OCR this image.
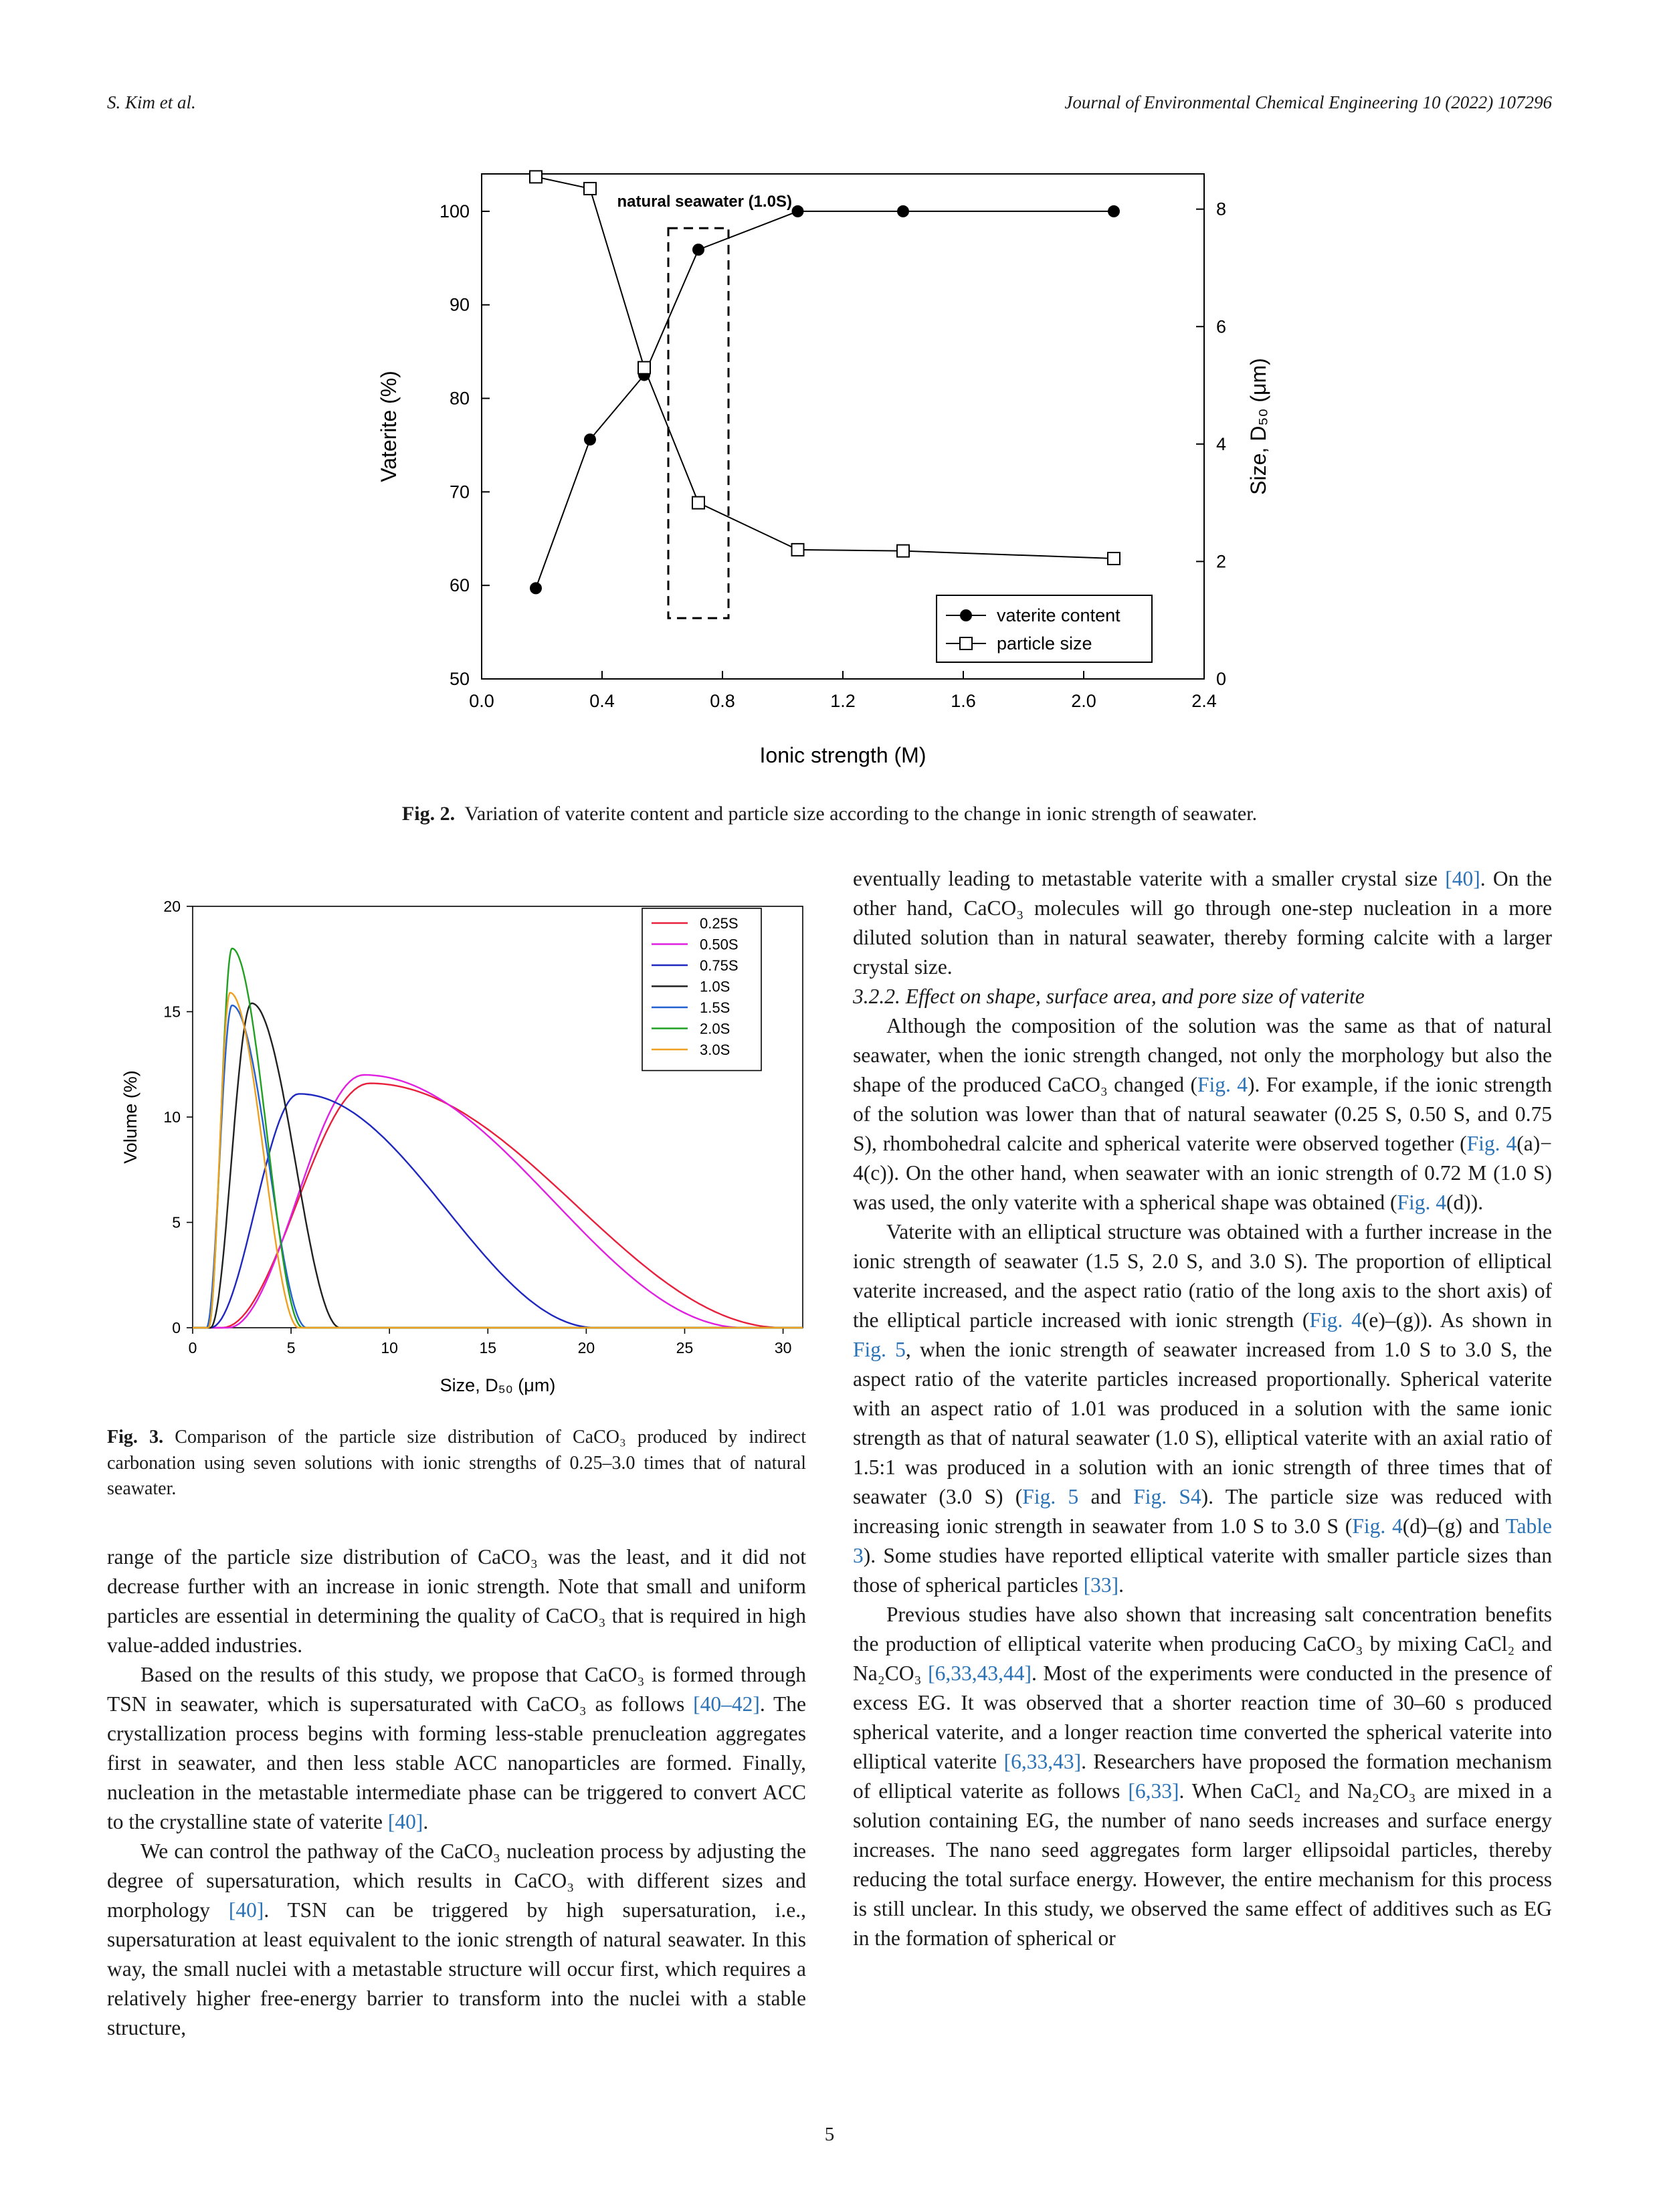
S. Kim et al.	Journal of Environmental Chemical Engineering 10 (2022) 107296
0.0	0.4	0.8	1.2	1.6	2.0	2.4
50
60
70
80
90
100
0
2
4
6
8
Ionic strength (M)
Vaterite (%)	Size, D₅₀ (μm)
natural seawater (1.0S)
vaterite content
particle size
Fig. 2. Variation of vaterite content and particle size according to the change in ionic strength of seawater.
0	5	10	15	20	25	30
0
5
10
15
20
Size, D₅₀ (μm)
Volume (%)
0.25S
0.50S
0.75S
1.0S
1.5S
2.0S
3.0S
Fig. 3. Comparison of the particle size distribution of CaCO₃ produced by indirect carbonation using seven solutions with ionic strengths of 0.25–3.0 times that of natural seawater.

range of the particle size distribution of CaCO₃ was the least, and it did not decrease further with an increase in ionic strength. Note that small and uniform particles are essential in determining the quality of CaCO₃ that is required in high value-added industries.

Based on the results of this study, we propose that CaCO₃ is formed through TSN in seawater, which is supersaturated with CaCO₃ as follows [40–42]. The crystallization process begins with forming less-stable prenucleation aggregates first in seawater, and then less stable ACC nanoparticles are formed. Finally, nucleation in the metastable intermediate phase can be triggered to convert ACC to the crystalline state of vaterite [40].

We can control the pathway of the CaCO₃ nucleation process by adjusting the degree of supersaturation, which results in CaCO₃ with different sizes and morphology [40]. TSN can be triggered by high supersaturation, i.e., supersaturation at least equivalent to the ionic strength of natural seawater. In this way, the small nuclei with a metastable structure will occur first, which requires a relatively higher free-energy barrier to transform into the nuclei with a stable structure,

eventually leading to metastable vaterite with a smaller crystal size [40]. On the other hand, CaCO₃ molecules will go through one-step nucleation in a more diluted solution than in natural seawater, thereby forming calcite with a larger crystal size.

3.2.2. Effect on shape, surface area, and pore size of vaterite

Although the composition of the solution was the same as that of natural seawater, when the ionic strength changed, not only the morphology but also the shape of the produced CaCO₃ changed (Fig. 4). For example, if the ionic strength of the solution was lower than that of natural seawater (0.25 S, 0.50 S, and 0.75 S), rhombohedral calcite and spherical vaterite were observed together (Fig. 4(a)− 4(c)). On the other hand, when seawater with an ionic strength of 0.72 M (1.0 S) was used, the only vaterite with a spherical shape was obtained (Fig. 4(d)).

Vaterite with an elliptical structure was obtained with a further increase in the ionic strength of seawater (1.5 S, 2.0 S, and 3.0 S). The proportion of elliptical vaterite increased, and the aspect ratio (ratio of the long axis to the short axis) of the elliptical particle increased with ionic strength (Fig. 4(e)–(g)). As shown in Fig. 5, when the ionic strength of seawater increased from 1.0 S to 3.0 S, the aspect ratio of the vaterite particles increased proportionally. Spherical vaterite with an aspect ratio of 1.01 was produced in a solution with the same ionic strength as that of natural seawater (1.0 S), elliptical vaterite with an axial ratio of 1.5:1 was produced in a solution with an ionic strength of three times that of seawater (3.0 S) (Fig. 5 and Fig. S4). The particle size was reduced with increasing ionic strength in seawater from 1.0 S to 3.0 S (Fig. 4(d)–(g) and Table 3). Some studies have reported elliptical vaterite with smaller particle sizes than those of spherical particles [33].

Previous studies have also shown that increasing salt concentration benefits the production of elliptical vaterite when producing CaCO₃ by mixing CaCl₂ and Na₂CO₃ [6,33,43,44]. Most of the experiments were conducted in the presence of excess EG. It was observed that a shorter reaction time of 30–60 s produced spherical vaterite, and a longer reaction time converted the spherical vaterite into elliptical vaterite [6,33,43]. Researchers have proposed the formation mechanism of elliptical vaterite as follows [6,33]. When CaCl₂ and Na₂CO₃ are mixed in a solution containing EG, the number of nano seeds increases and surface energy increases. The nano seed aggregates form larger ellipsoidal particles, thereby reducing the total surface energy. However, the entire mechanism for this process is still unclear. In this study, we observed the same effect of additives such as EG in the formation of spherical or

5
